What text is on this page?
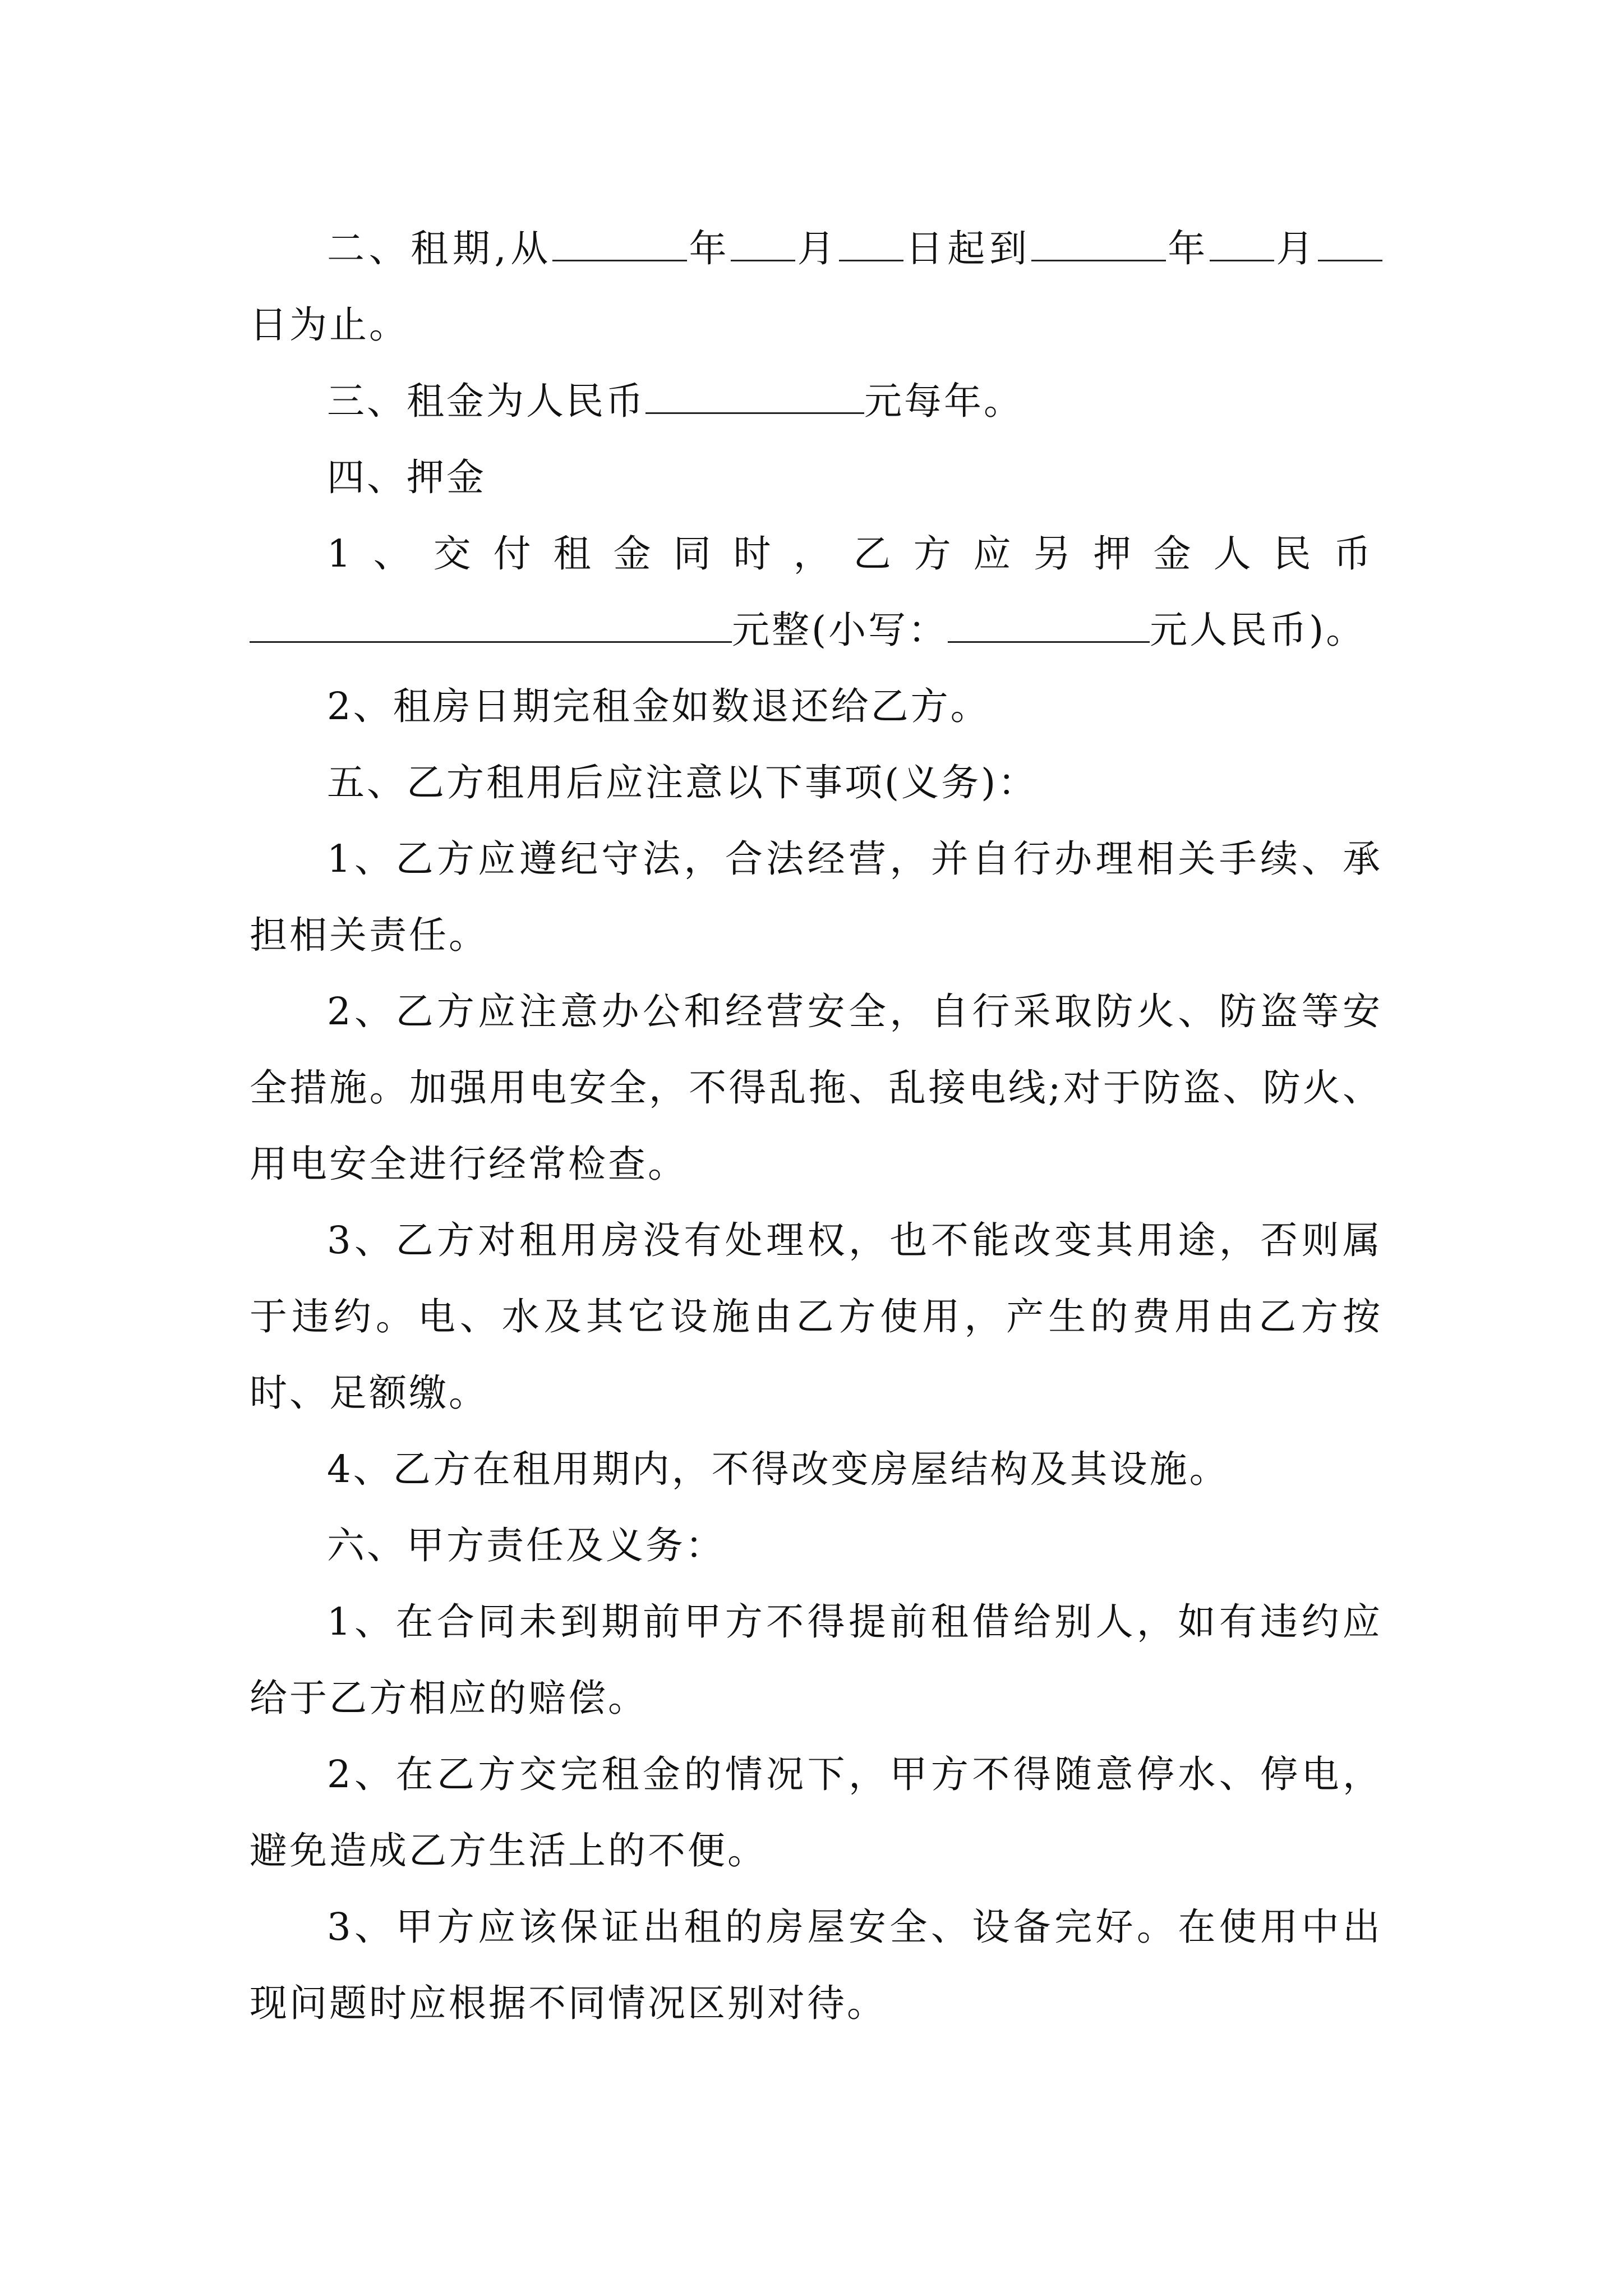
二、租期,从	年 月 日起到	年 月日为止。

三、租金为人民币	元每年。

四、押金

1、交付租金同时，乙方应另押金人民币

元整(小写：	元人民币)。

2、租房日期完租金如数退还给乙方。

五、乙方租用后应注意以下事项(义务)：

1、乙方应遵纪守法，合法经营，并自行办理相关手续、承担相关责任。

2、乙方应注意办公和经营安全，自行采取防火、防盗等安全措施。加强用电安全，不得乱拖、乱接电线;对于防盗、防火、用电安全进行经常检查。

3、乙方对租用房没有处理权，也不能改变其用途，否则属于违约。电、水及其它设施由乙方使用，产生的费用由乙方按时、足额缴。

4、乙方在租用期内，不得改变房屋结构及其设施。

六、甲方责任及义务：

1、在合同未到期前甲方不得提前租借给别人，如有违约应给于乙方相应的赔偿。

2、在乙方交完租金的情况下，甲方不得随意停水、停电，避免造成乙方生活上的不便。

3、甲方应该保证出租的房屋安全、设备完好。在使用中出现问题时应根据不同情况区别对待。
